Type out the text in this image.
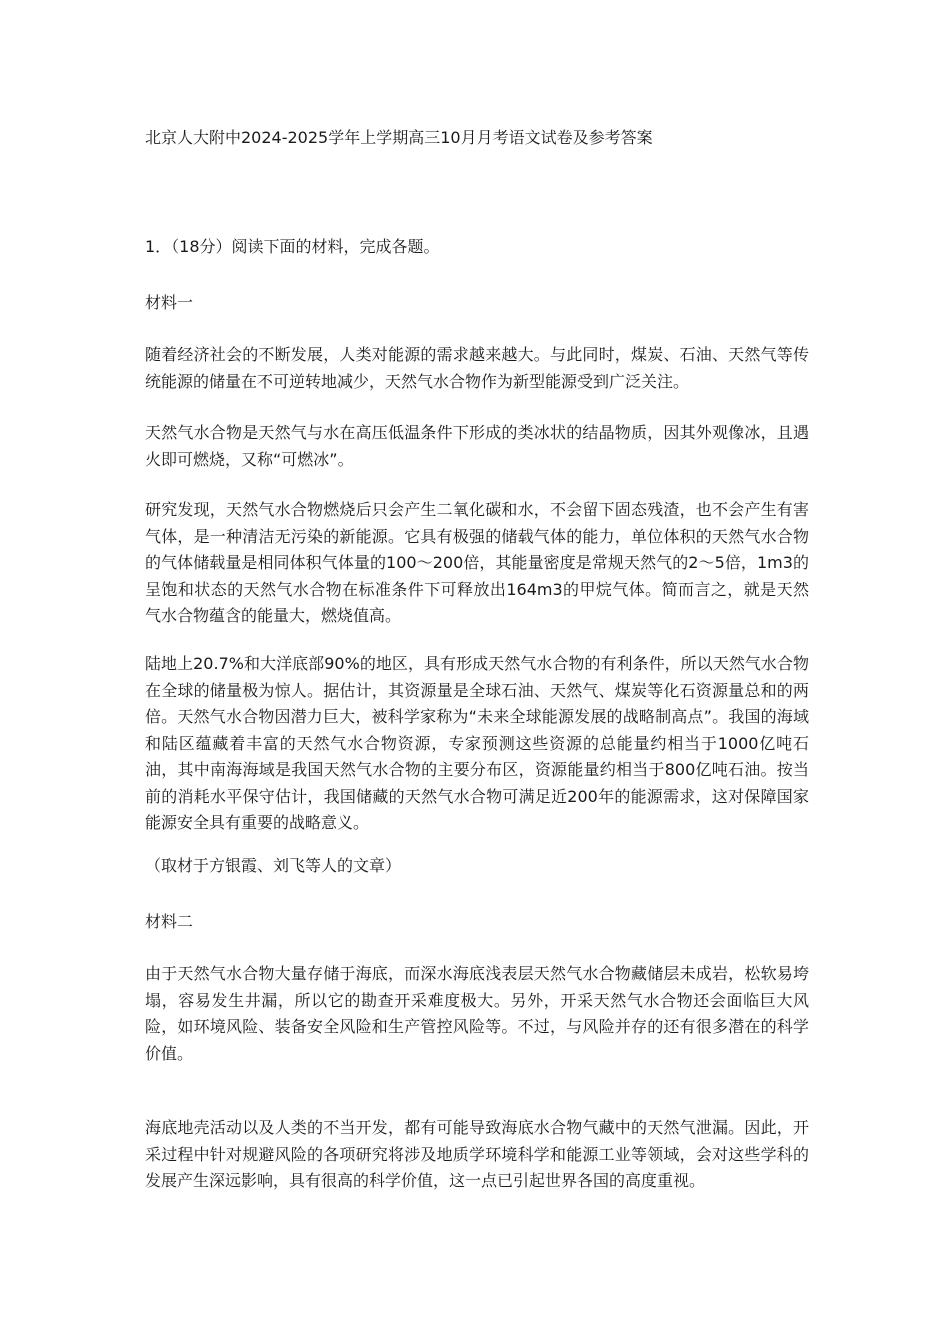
北京人大附中2024-2025学年上学期高三10月月考语文试卷及参考答案

1．（18分）阅读下面的材料，完成各题。

材料一

随着经济社会的不断发展，人类对能源的需求越来越大。与此同时，煤炭、石油、天然气等传统能源的储量在不可逆转地减少，天然气水合物作为新型能源受到广泛关注。

天然气水合物是天然气与水在高压低温条件下形成的类冰状的结晶物质，因其外观像冰，且遇火即可燃烧，又称“可燃冰”。

研究发现，天然气水合物燃烧后只会产生二氧化碳和水，不会留下固态残渣，也不会产生有害气体，是一种清洁无污染的新能源。它具有极强的储载气体的能力，单位体积的天然气水合物的气体储载量是相同体积气体量的100～200倍，其能量密度是常规天然气的2～5倍，1m3的呈饱和状态的天然气水合物在标准条件下可释放出164m3的甲烷气体。简而言之，就是天然气水合物蕴含的能量大，燃烧值高。

陆地上20.7%和大洋底部90%的地区，具有形成天然气水合物的有利条件，所以天然气水合物在全球的储量极为惊人。据估计，其资源量是全球石油、天然气、煤炭等化石资源量总和的两倍。天然气水合物因潜力巨大，被科学家称为“未来全球能源发展的战略制高点”。我国的海域和陆区蕴藏着丰富的天然气水合物资源，专家预测这些资源的总能量约相当于1000亿吨石油，其中南海海域是我国天然气水合物的主要分布区，资源能量约相当于800亿吨石油。按当前的消耗水平保守估计，我国储藏的天然气水合物可满足近200年的能源需求，这对保障国家能源安全具有重要的战略意义。

（取材于方银霞、刘飞等人的文章）

材料二

由于天然气水合物大量存储于海底，而深水海底浅表层天然气水合物藏储层未成岩，松软易垮塌，容易发生井漏，所以它的勘查开采难度极大。另外，开采天然气水合物还会面临巨大风险，如环境风险、装备安全风险和生产管控风险等。不过，与风险并存的还有很多潜在的科学价值。

海底地壳活动以及人类的不当开发，都有可能导致海底水合物气藏中的天然气泄漏。因此，开采过程中针对规避风险的各项研究将涉及地质学环境科学和能源工业等领域，会对这些学科的发展产生深远影响，具有很高的科学价值，这一点已引起世界各国的高度重视。
